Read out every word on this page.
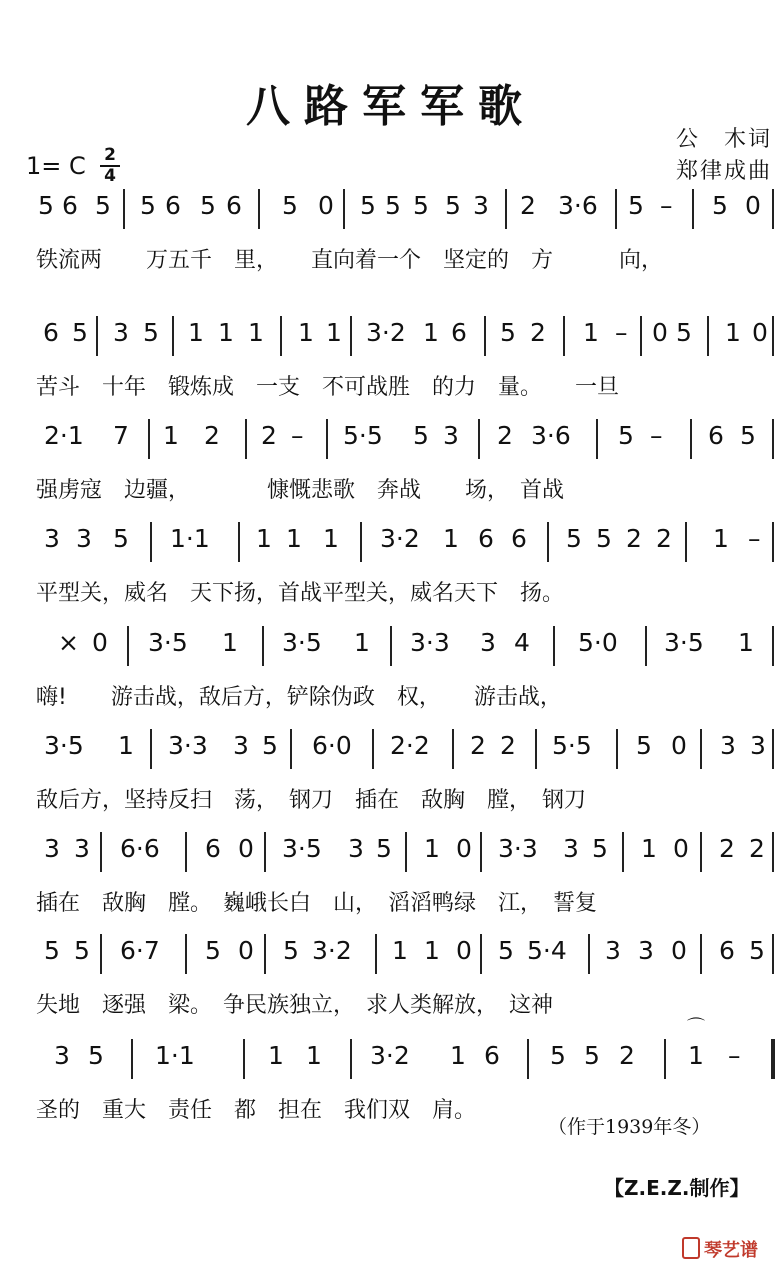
八路军军歌
公　木词
郑律成曲
1= C 2
4
5 6 5 5 6 5 6 5 0 5 5 5 5 3 2 3·6 5 – 5 0
铁流两　　万五千　里，　　直向着一个　坚定的　方　　　向，
6 5 3 5 1 1 1 1 1 3·2 1 6 5 2 1 – 0 5 1 0
苦斗　十年　锻炼成　一支　不可战胜　的力　量。　　一旦
2·1 7 1 2 2 – 5·5 5 3 2 3·6 5 – 6 5
强虏寇　边疆，　　　　慷慨悲歌　奔战　　场，　首战
3 3 5 1·1 1 1 1 3·2 1 6 6 5 5 2 2 1 –
平型关，威名　天下扬，首战平型关，威名天下　扬。
× 0 3·5 1 3·5 1 3·3 3 4 5·0 3·5 1
嗨!　　游击战，敌后方，铲除伪政　权，　　游击战，
3·5 1 3·3 3 5 6·0 2·2 2 2 5·5 5 0 3 3
敌后方，坚持反扫　荡，　钢刀　插在　敌胸　膛，　钢刀
3 3 6·6 6 0 3·5 3 5 1 0 3·3 3 5 1 0 2 2
插在　敌胸　膛。　巍峨长白　山，　滔滔鸭绿　江，　誓复
5 5 6·7 5 0 5 3·2 1 1 0 5 5·4 3 3 0 6 5
失地　逐强　梁。　争民族独立，　求人类解放，　这神
3 5 1·1	1 1 3·2 1 6 5 5 2 1 –
圣的　重大　责任　都　担在　我们双　肩。
⌒
（作于1939年冬）
【Z.E.Z.制作】
琴艺谱
